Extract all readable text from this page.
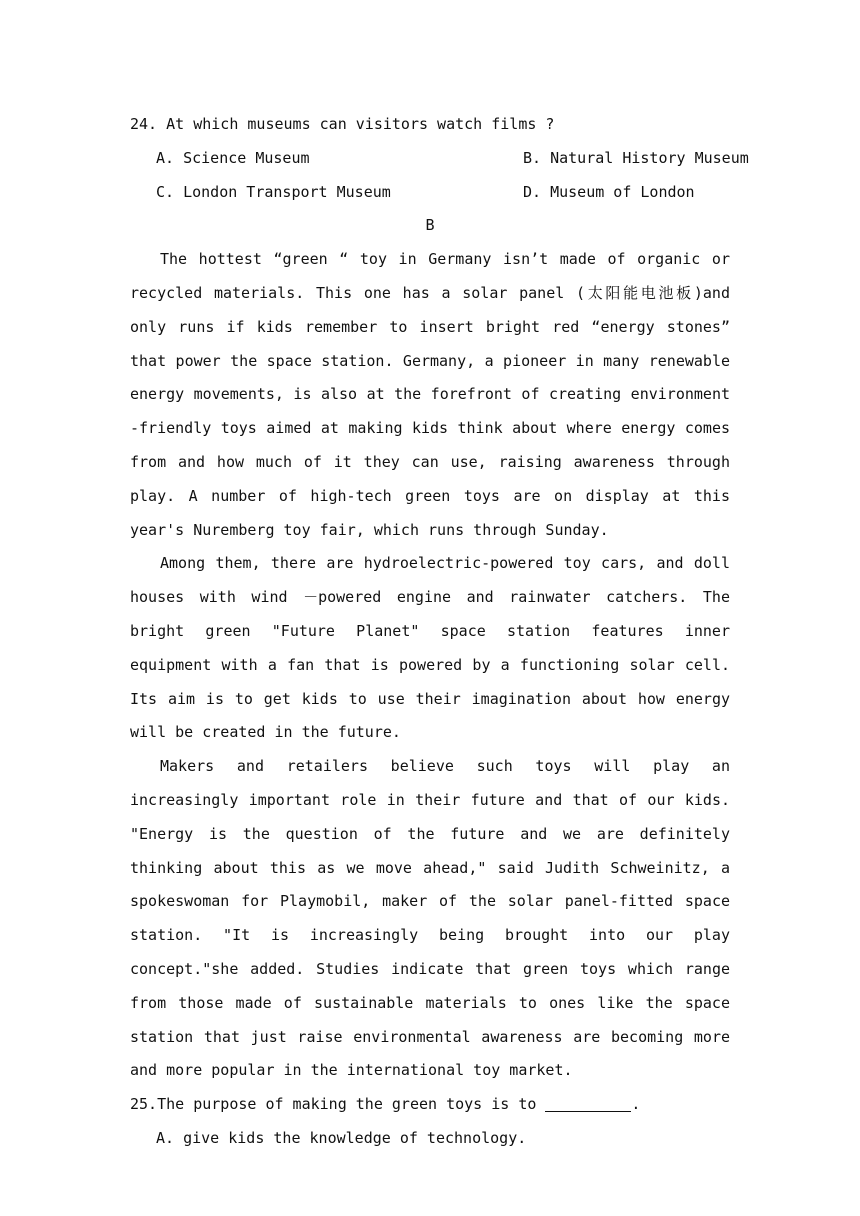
24. At which museums can visitors watch films ?
A. Science Museum	B. Natural History Museum
C. London Transport Museum	D. Museum of London
B

The hottest “green “ toy in Germany isn’t made of organic or recycled materials. This one has a solar panel (太阳能电池板)and only runs if kids remember to insert bright red “energy stones” that power the space station. Germany, a pioneer in many renewable energy movements, is also at the forefront of creating environment -friendly toys aimed at making kids think about where energy comes from and how much of it they can use, raising awareness through play. A number of high-tech green toys are on display at this year's Nuremberg toy fair, which runs through Sunday.

Among them, there are hydroelectric-powered toy cars, and doll houses with wind －powered engine and rainwater catchers. The bright green "Future Planet" space station features inner equipment with a fan that is powered by a functioning solar cell. Its aim is to get kids to use their imagination about how energy will be created in the future.

Makers and retailers believe such toys will play an increasingly important role in their future and that of our kids. "Energy is the question of the future and we are definitely thinking about this as we move ahead," said Judith Schweinitz, a spokeswoman for Playmobil, maker of the solar panel-fitted space station. "It is increasingly being brought into our play concept."she added. Studies indicate that green toys which range from those made of sustainable materials to ones like the space station that just raise environmental awareness are becoming more and more popular in the international toy market.

25.The purpose of making the green toys is to	.
A. give kids the knowledge of technology.
